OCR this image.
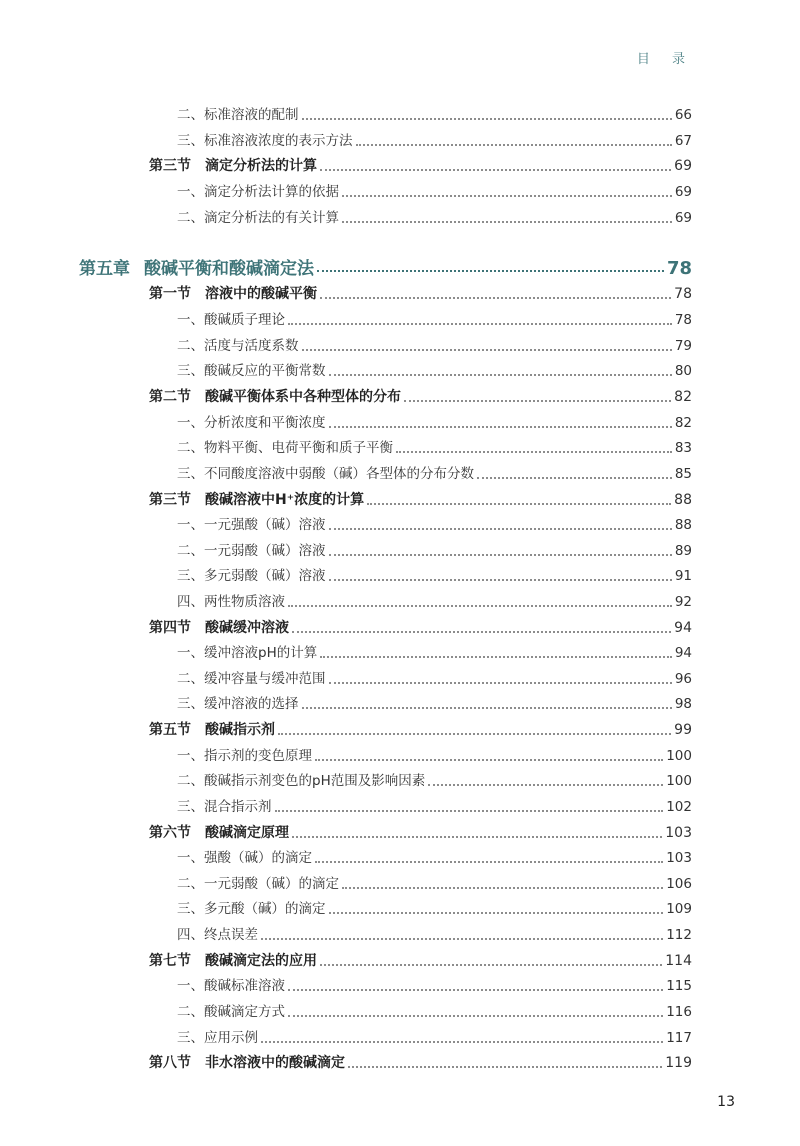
目 录
二、标准溶液的配制	66
三、标准溶液浓度的表示方法	67
第三节 滴定分析法的计算	69
一、滴定分析法计算的依据	69
二、滴定分析法的有关计算	69
第五章 酸碱平衡和酸碱滴定法	78
第一节 溶液中的酸碱平衡	78
一、酸碱质子理论	78
二、活度与活度系数	79
三、酸碱反应的平衡常数	80
第二节 酸碱平衡体系中各种型体的分布	82
一、分析浓度和平衡浓度	82
二、物料平衡、电荷平衡和质子平衡	83
三、不同酸度溶液中弱酸（碱）各型体的分布分数	85
第三节 酸碱溶液中H⁺浓度的计算	88
一、一元强酸（碱）溶液	88
二、一元弱酸（碱）溶液	89
三、多元弱酸（碱）溶液	91
四、两性物质溶液	92
第四节 酸碱缓冲溶液	94
一、缓冲溶液pH的计算	94
二、缓冲容量与缓冲范围	96
三、缓冲溶液的选择	98
第五节 酸碱指示剂	99
一、指示剂的变色原理	100
二、酸碱指示剂变色的pH范围及影响因素	100
三、混合指示剂	102
第六节 酸碱滴定原理	103
一、强酸（碱）的滴定	103
二、一元弱酸（碱）的滴定	106
三、多元酸（碱）的滴定	109
四、终点误差	112
第七节 酸碱滴定法的应用	114
一、酸碱标准溶液	115
二、酸碱滴定方式	116
三、应用示例	117
第八节 非水溶液中的酸碱滴定	119
13
